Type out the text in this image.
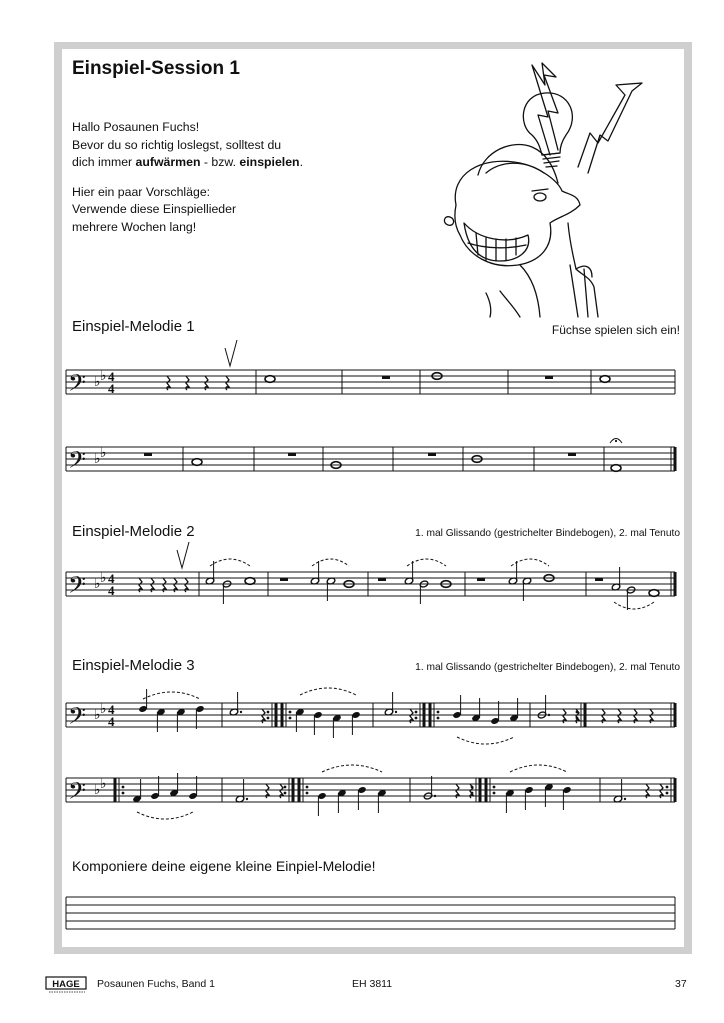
Einspiel-Session 1

Hallo Posaunen Fuchs!

Bevor du so richtig loslegst, solltest du

dich immer aufwärmen - bzw. einspielen.

Hier ein paar Vorschläge:

Verwende diese Einspiellieder

mehrere Wochen lang!

Einspiel-Melodie 1	Füchse spielen sich ein!
Einspiel-Melodie 2	1. mal Glissando (gestrichelter Bindebogen), 2. mal Tenuto
Einspiel-Melodie 3	1. mal Glissando (gestrichelter Bindebogen), 2. mal Tenuto
Komponiere deine eigene kleine Einpiel-Melodie!
𝄢 ♭ ♭ 4
4
𝄢 ♭ ♭
𝄢 ♭ ♭ 4
4
𝄢 ♭ ♭ 4
4
𝄢 ♭ ♭
HAGE Posaunen Fuchs, Band 1	EH 3811	37
